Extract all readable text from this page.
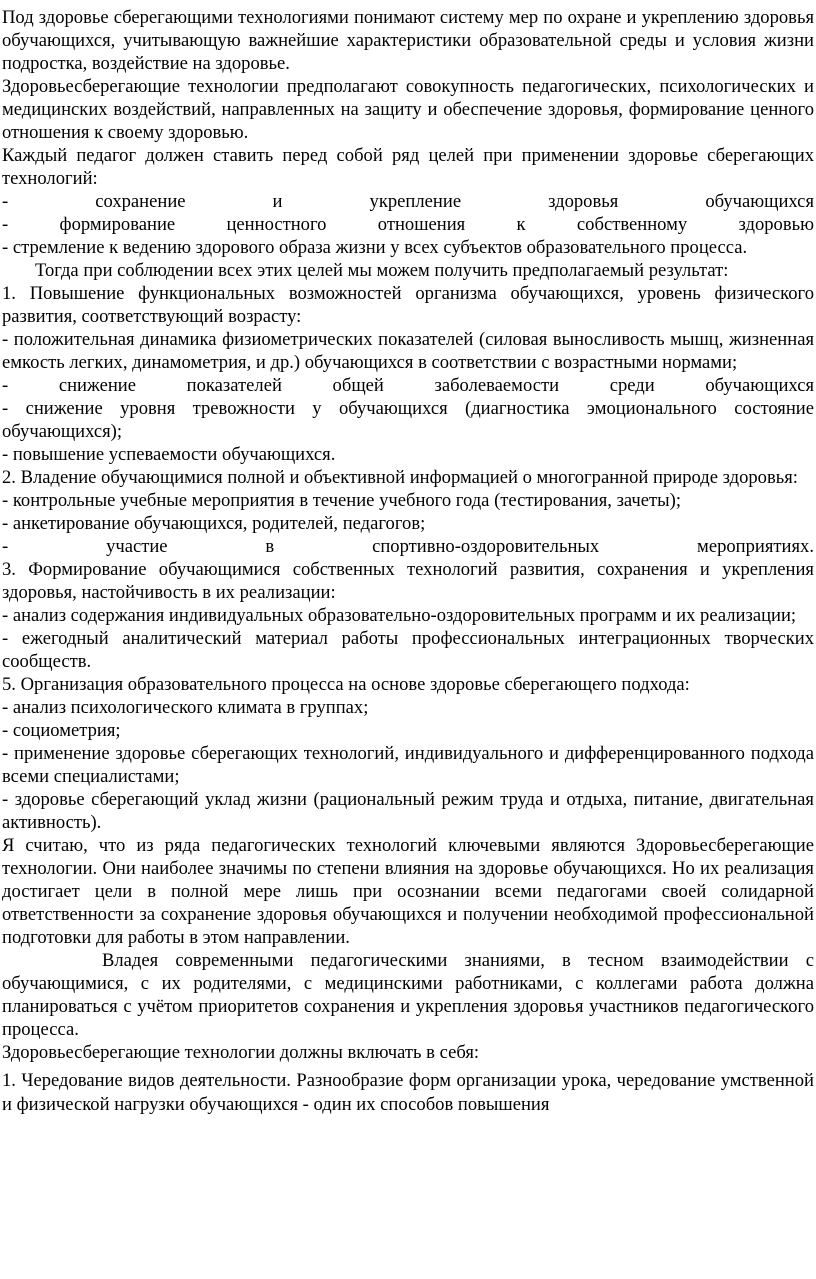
Под здоровье сберегающими технологиями понимают систему мер по охране и укреплению здоровья обучающихся, учитывающую важнейшие характеристики образовательной среды и условия жизни подростка, воздействие на здоровье.

Здоровьесберегающие технологии предполагают совокупность педагогических, психологических и медицинских воздействий, направленных на защиту и обеспечение здоровья, формирование ценного отношения к своему здоровью.

Каждый педагог должен ставить перед собой ряд целей при применении здоровье сберегающих технологий:

- сохранение и укрепление здоровья обучающихся

- формирование ценностного отношения к собственному здоровью

- стремление к ведению здорового образа жизни у всех субъектов образовательного процесса.

Тогда при соблюдении всех этих целей мы можем получить предполагаемый результат:

1. Повышение функциональных возможностей организма обучающихся, уровень физического развития, соответствующий возрасту:

- положительная динамика физиометрических показателей (силовая выносливость мышц, жизненная емкость легких, динамометрия, и др.) обучающихся в соответствии с возрастными нормами;

- снижение показателей общей заболеваемости среди обучающихся

- снижение уровня тревожности у обучающихся (диагностика эмоционального состояние обучающихся);

- повышение успеваемости обучающихся.

2. Владение обучающимися полной и объективной информацией о многогранной природе здоровья:

- контрольные учебные мероприятия в течение учебного года (тестирования, зачеты);

- анкетирование обучающихся, родителей, педагогов;

- участие в спортивно-оздоровительных мероприятиях.

3. Формирование обучающимися собственных технологий развития, сохранения и укрепления здоровья, настойчивость в их реализации:

- анализ содержания индивидуальных образовательно-оздоровительных программ и их реализации;

- ежегодный аналитический материал работы профессиональных интеграционных творческих сообществ.

5. Организация образовательного процесса на основе здоровье сберегающего подхода:

- анализ психологического климата в группах;

- социометрия;

- применение здоровье сберегающих технологий, индивидуального и дифференцированного подхода всеми специалистами;

- здоровье сберегающий уклад жизни (рациональный режим труда и отдыха, питание, двигательная активность).

Я считаю, что из ряда педагогических технологий ключевыми являются Здоровьесберегающие технологии. Они наиболее значимы по степени влияния на здоровье обучающихся. Но их реализация достигает цели в полной мере лишь при осознании всеми педагогами своей солидарной ответственности за сохранение здоровья обучающихся и получении необходимой профессиональной подготовки для работы в этом направлении.

Владея современными педагогическими знаниями, в тесном взаимодействии с обучающимися, с их родителями, с медицинскими работниками, с коллегами работа должна планироваться с учётом приоритетов сохранения и укрепления здоровья участников педагогического процесса.

Здоровьесберегающие технологии должны включать в себя:

1. Чередование видов деятельности. Разнообразие форм организации урока, чередование умственной и физической нагрузки обучающихся - один их способов повышения
